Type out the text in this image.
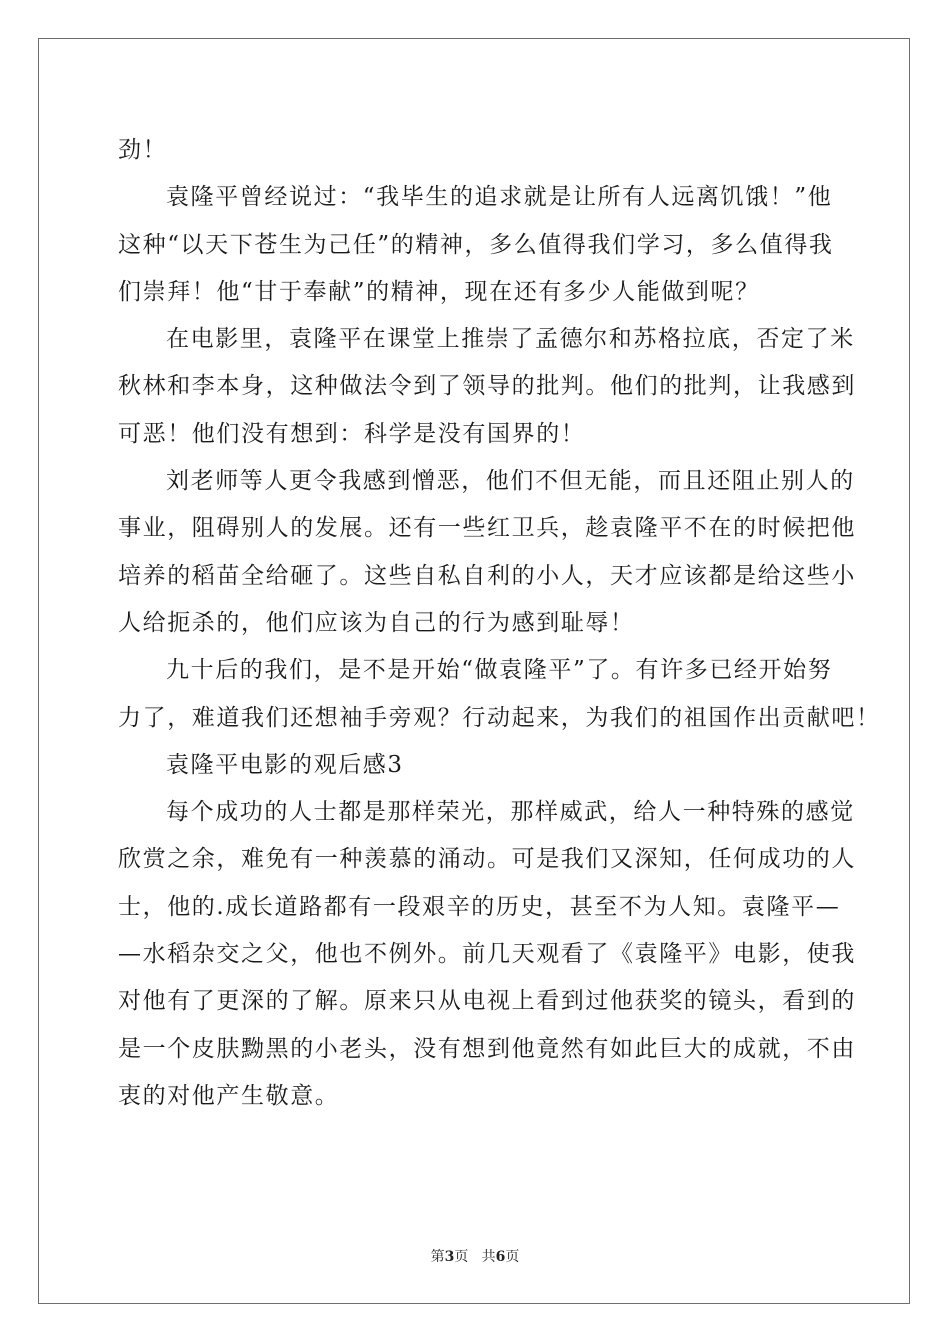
劲！
袁隆平曾经说过：“我毕生的追求就是让所有人远离饥饿！”他
这种“以天下苍生为己任”的精神，多么值得我们学习，多么值得我
们崇拜！他“甘于奉献”的精神，现在还有多少人能做到呢？
在电影里，袁隆平在课堂上推崇了孟德尔和苏格拉底，否定了米
秋林和李本身，这种做法令到了领导的批判。他们的批判，让我感到
可恶！他们没有想到：科学是没有国界的！
刘老师等人更令我感到憎恶，他们不但无能，而且还阻止别人的
事业，阻碍别人的发展。还有一些红卫兵，趁袁隆平不在的时候把他
培养的稻苗全给砸了。这些自私自利的小人，天才应该都是给这些小
人给扼杀的，他们应该为自己的行为感到耻辱！
九十后的我们，是不是开始“做袁隆平”了。有许多已经开始努
力了，难道我们还想袖手旁观？行动起来，为我们的祖国作出贡献吧！
袁隆平电影的观后感3
每个成功的人士都是那样荣光，那样威武，给人一种特殊的感觉
欣赏之余，难免有一种羡慕的涌动。可是我们又深知，任何成功的人
士，他的.成长道路都有一段艰辛的历史，甚至不为人知。袁隆平—
—水稻杂交之父，他也不例外。前几天观看了《袁隆平》电影，使我
对他有了更深的了解。原来只从电视上看到过他获奖的镜头，看到的
是一个皮肤黝黑的小老头，没有想到他竟然有如此巨大的成就，不由
衷的对他产生敬意。
第3页 共6页
